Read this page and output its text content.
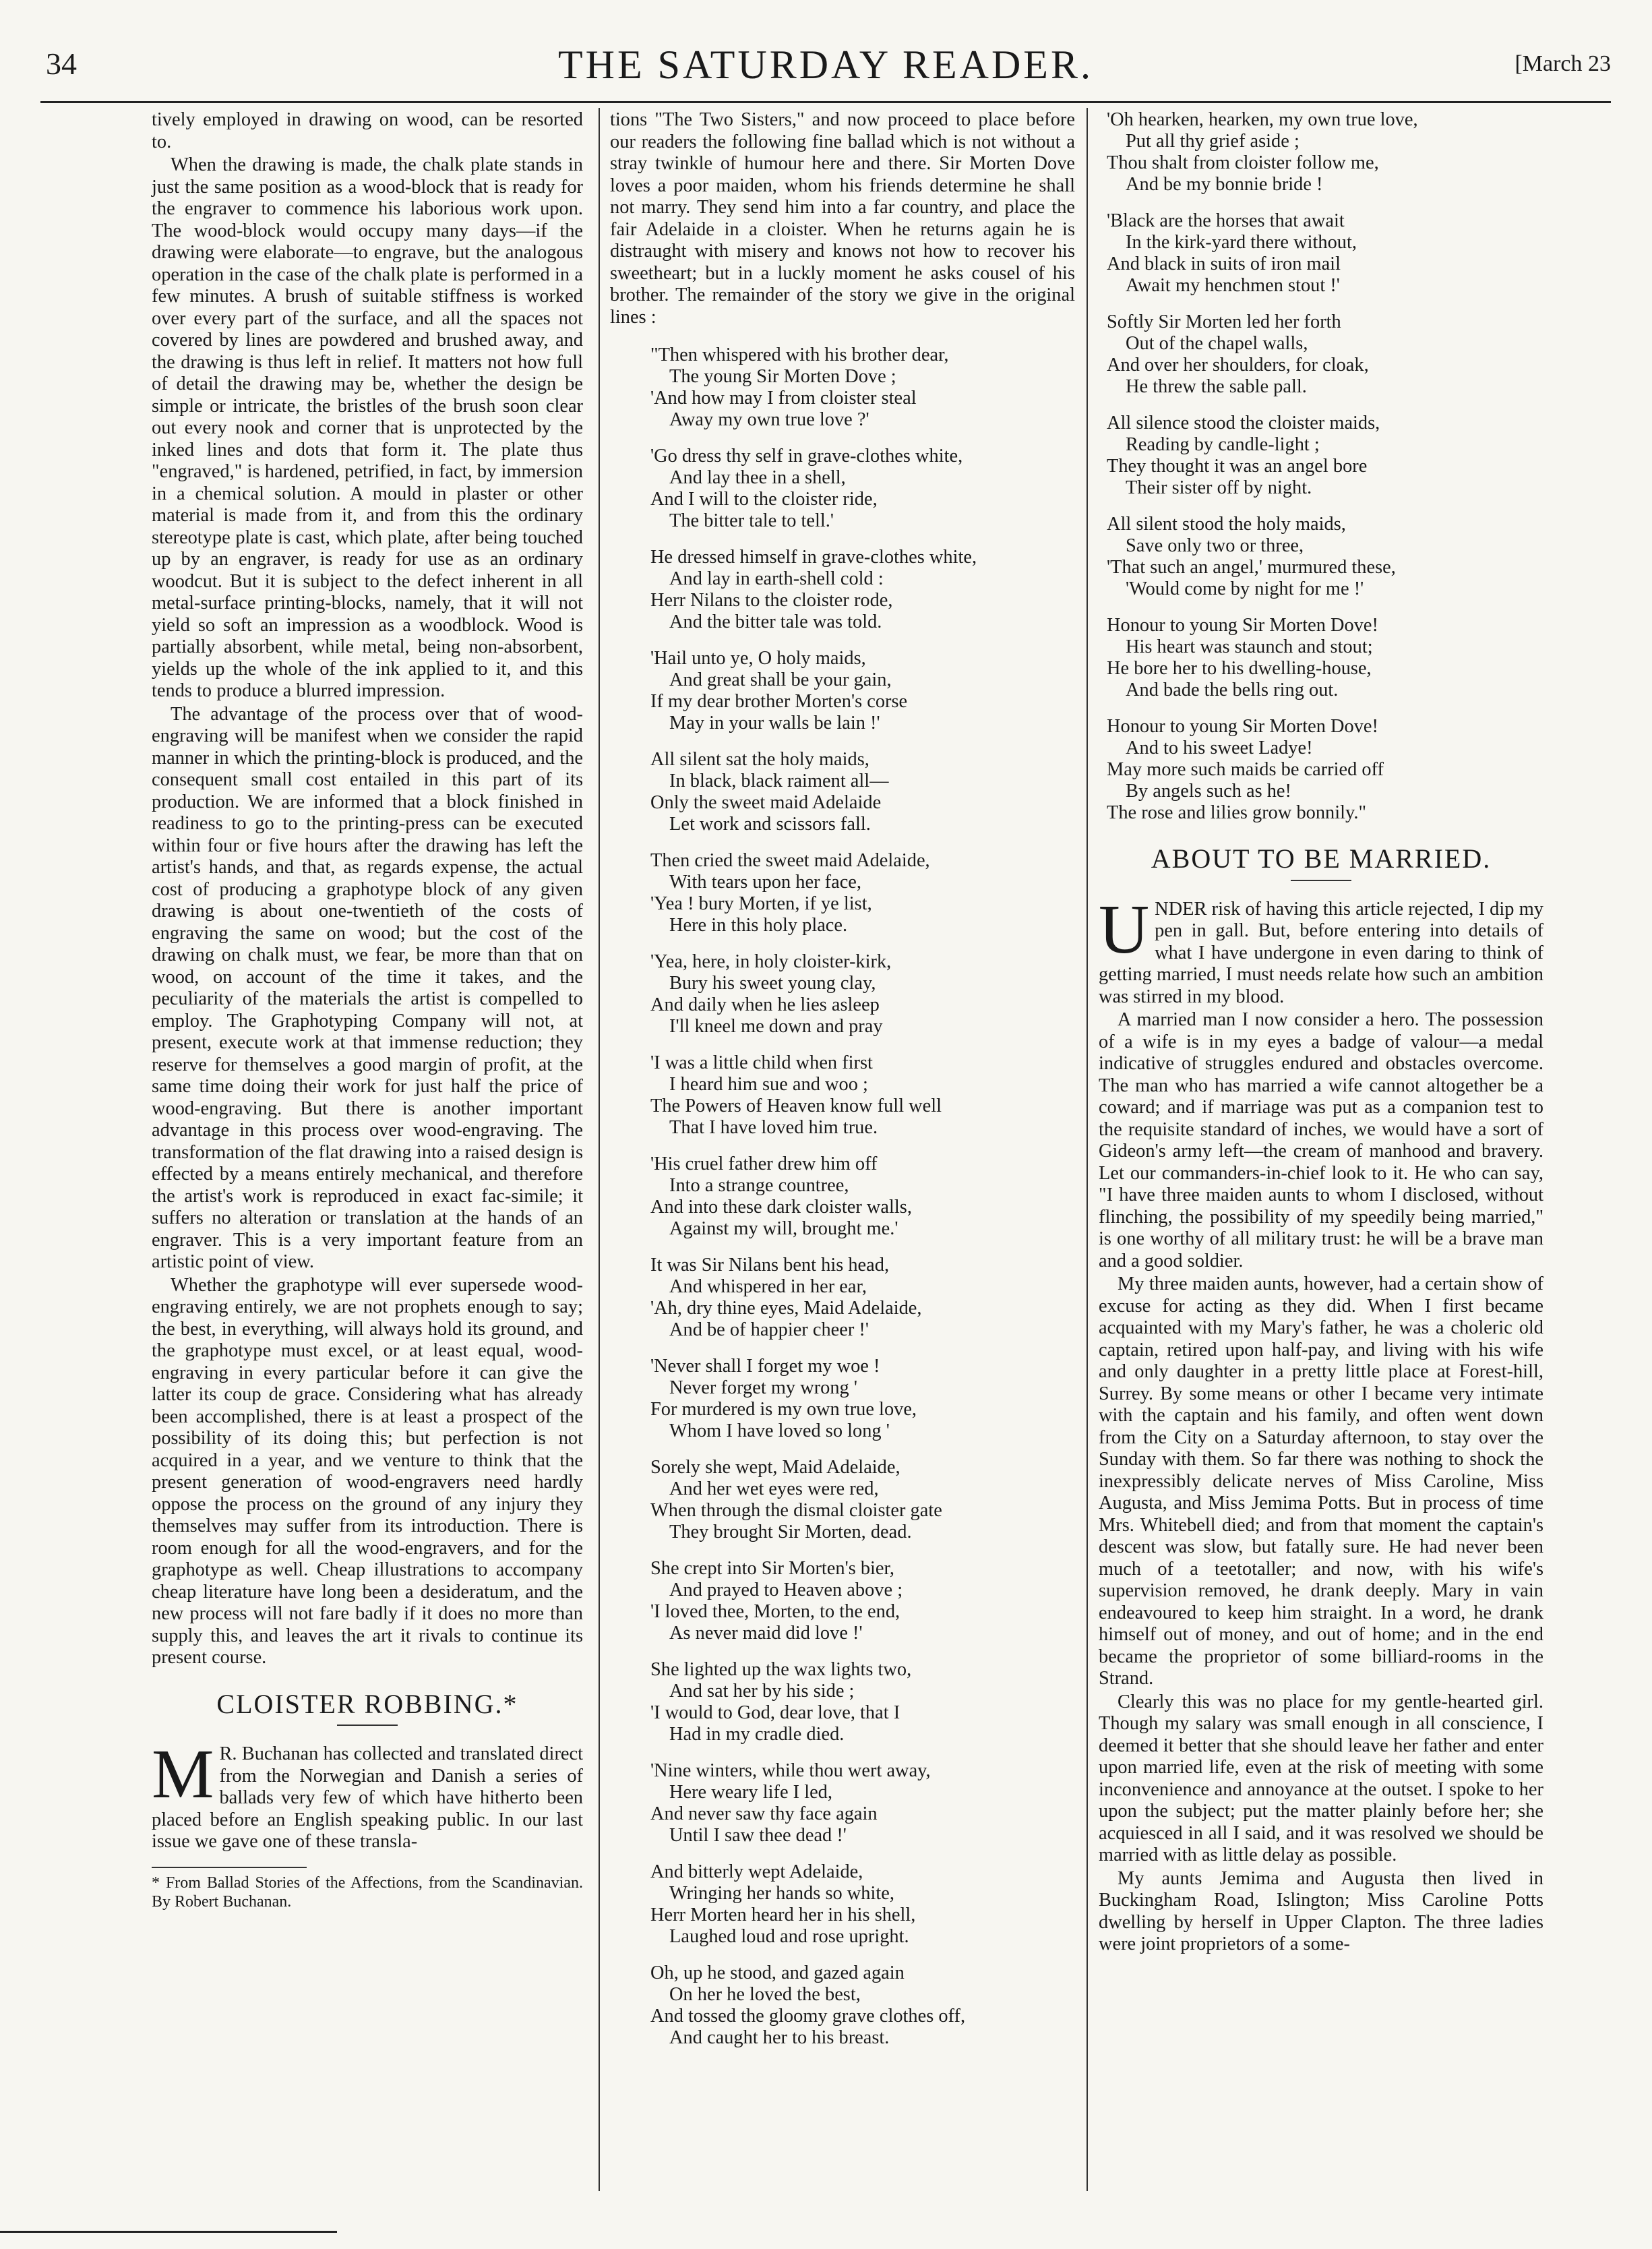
34	THE SATURDAY READER.	[March 23

tively employed in drawing on wood, can be resorted to.

When the drawing is made, the chalk plate stands in just the same position as a wood-block that is ready for the engraver to commence his laborious work upon. The wood-block would occupy many days—if the drawing were elaborate—to engrave, but the analogous operation in the case of the chalk plate is performed in a few minutes. A brush of suitable stiffness is worked over every part of the surface, and all the spaces not covered by lines are powdered and brushed away, and the drawing is thus left in relief. It matters not how full of detail the drawing may be, whether the design be simple or intricate, the bristles of the brush soon clear out every nook and corner that is unprotected by the inked lines and dots that form it. The plate thus "engraved," is hardened, petrified, in fact, by immersion in a chemical solution. A mould in plaster or other material is made from it, and from this the ordinary stereotype plate is cast, which plate, after being touched up by an engraver, is ready for use as an ordinary woodcut. But it is subject to the defect inherent in all metal-surface printing-blocks, namely, that it will not yield so soft an impression as a woodblock. Wood is partially absorbent, while metal, being non-absorbent, yields up the whole of the ink applied to it, and this tends to produce a blurred impression.

The advantage of the process over that of wood-engraving will be manifest when we consider the rapid manner in which the printing-block is produced, and the consequent small cost entailed in this part of its production. We are informed that a block finished in readiness to go to the printing-press can be executed within four or five hours after the drawing has left the artist's hands, and that, as regards expense, the actual cost of producing a graphotype block of any given drawing is about one-twentieth of the costs of engraving the same on wood; but the cost of the drawing on chalk must, we fear, be more than that on wood, on account of the time it takes, and the peculiarity of the materials the artist is compelled to employ. The Graphotyping Company will not, at present, execute work at that immense reduction; they reserve for themselves a good margin of profit, at the same time doing their work for just half the price of wood-engraving. But there is another important advantage in this process over wood-engraving. The transformation of the flat drawing into a raised design is effected by a means entirely mechanical, and therefore the artist's work is reproduced in exact fac-simile; it suffers no alteration or translation at the hands of an engraver. This is a very important feature from an artistic point of view.

Whether the graphotype will ever supersede wood-engraving entirely, we are not prophets enough to say; the best, in everything, will always hold its ground, and the graphotype must excel, or at least equal, wood-engraving in every particular before it can give the latter its coup de grace. Considering what has already been accomplished, there is at least a prospect of the possibility of its doing this; but perfection is not acquired in a year, and we venture to think that the present generation of wood-engravers need hardly oppose the process on the ground of any injury they themselves may suffer from its introduction. There is room enough for all the wood-engravers, and for the graphotype as well. Cheap illustrations to accompany cheap literature have long been a desideratum, and the new process will not fare badly if it does no more than supply this, and leaves the art it rivals to continue its present course.

CLOISTER ROBBING.*

M R. Buchanan has collected and translated direct from the Norwegian and Danish a series of ballads very few of which have hitherto been placed before an English speaking public. In our last issue we gave one of these transla-

* From Ballad Stories of the Affections, from the Scandinavian. By Robert Buchanan.

tions "The Two Sisters," and now proceed to place before our readers the following fine ballad which is not without a stray twinkle of humour here and there. Sir Morten Dove loves a poor maiden, whom his friends determine he shall not marry. They send him into a far country, and place the fair Adelaide in a cloister. When he returns again he is distraught with misery and knows not how to recover his sweetheart; but in a luckly moment he asks cousel of his brother. The remainder of the story we give in the original lines :

"Then whispered with his brother dear,
The young Sir Morten Dove ;
'And how may I from cloister steal
Away my own true love ?'
'Go dress thy self in grave-clothes white,
And lay thee in a shell,
And I will to the cloister ride,
The bitter tale to tell.'
He dressed himself in grave-clothes white,
And lay in earth-shell cold :
Herr Nilans to the cloister rode,
And the bitter tale was told.
'Hail unto ye, O holy maids,
And great shall be your gain,
If my dear brother Morten's corse
May in your walls be lain !'
All silent sat the holy maids,
In black, black raiment all—
Only the sweet maid Adelaide
Let work and scissors fall.
Then cried the sweet maid Adelaide,
With tears upon her face,
'Yea ! bury Morten, if ye list,
Here in this holy place.
'Yea, here, in holy cloister-kirk,
Bury his sweet young clay,
And daily when he lies asleep
I'll kneel me down and pray
'I was a little child when first
I heard him sue and woo ;
The Powers of Heaven know full well
That I have loved him true.
'His cruel father drew him off
Into a strange countree,
And into these dark cloister walls,
Against my will, brought me.'
It was Sir Nilans bent his head,
And whispered in her ear,
'Ah, dry thine eyes, Maid Adelaide,
And be of happier cheer !'
'Never shall I forget my woe !
Never forget my wrong '
For murdered is my own true love,
Whom I have loved so long '
Sorely she wept, Maid Adelaide,
And her wet eyes were red,
When through the dismal cloister gate
They brought Sir Morten, dead.
She crept into Sir Morten's bier,
And prayed to Heaven above ;
'I loved thee, Morten, to the end,
As never maid did love !'
She lighted up the wax lights two,
And sat her by his side ;
'I would to God, dear love, that I
Had in my cradle died.
'Nine winters, while thou wert away,
Here weary life I led,
And never saw thy face again
Until I saw thee dead !'
And bitterly wept Adelaide,
Wringing her hands so white,
Herr Morten heard her in his shell,
Laughed loud and rose upright.
Oh, up he stood, and gazed again
On her he loved the best,
And tossed the gloomy grave clothes off,
And caught her to his breast.
'Oh hearken, hearken, my own true love,
Put all thy grief aside ;
Thou shalt from cloister follow me,
And be my bonnie bride !
'Black are the horses that await
In the kirk-yard there without,
And black in suits of iron mail
Await my henchmen stout !'
Softly Sir Morten led her forth
Out of the chapel walls,
And over her shoulders, for cloak,
He threw the sable pall.
All silence stood the cloister maids,
Reading by candle-light ;
They thought it was an angel bore
Their sister off by night.
All silent stood the holy maids,
Save only two or three,
'That such an angel,' murmured these,
'Would come by night for me !'
Honour to young Sir Morten Dove!
His heart was staunch and stout;
He bore her to his dwelling-house,
And bade the bells ring out.
Honour to young Sir Morten Dove!
And to his sweet Ladye!
May more such maids be carried off
By angels such as he!
The rose and lilies grow bonnily."
ABOUT TO BE MARRIED.

UNDER risk of having this article rejected, I dip my pen in gall. But, before entering into details of what I have undergone in even daring to think of getting married, I must needs relate how such an ambition was stirred in my blood.

A married man I now consider a hero. The possession of a wife is in my eyes a badge of valour—a medal indicative of struggles endured and obstacles overcome. The man who has married a wife cannot altogether be a coward; and if marriage was put as a companion test to the requisite standard of inches, we would have a sort of Gideon's army left—the cream of manhood and bravery. Let our commanders-in-chief look to it. He who can say, "I have three maiden aunts to whom I disclosed, without flinching, the possibility of my speedily being married," is one worthy of all military trust: he will be a brave man and a good soldier.

My three maiden aunts, however, had a certain show of excuse for acting as they did. When I first became acquainted with my Mary's father, he was a choleric old captain, retired upon half-pay, and living with his wife and only daughter in a pretty little place at Forest-hill, Surrey. By some means or other I became very intimate with the captain and his family, and often went down from the City on a Saturday afternoon, to stay over the Sunday with them. So far there was nothing to shock the inexpressibly delicate nerves of Miss Caroline, Miss Augusta, and Miss Jemima Potts. But in process of time Mrs. Whitebell died; and from that moment the captain's descent was slow, but fatally sure. He had never been much of a teetotaller; and now, with his wife's supervision removed, he drank deeply. Mary in vain endeavoured to keep him straight. In a word, he drank himself out of money, and out of home; and in the end became the proprietor of some billiard-rooms in the Strand.

Clearly this was no place for my gentle-hearted girl. Though my salary was small enough in all conscience, I deemed it better that she should leave her father and enter upon married life, even at the risk of meeting with some inconvenience and annoyance at the outset. I spoke to her upon the subject; put the matter plainly before her; she acquiesced in all I said, and it was resolved we should be married with as little delay as possible.

My aunts Jemima and Augusta then lived in Buckingham Road, Islington; Miss Caroline Potts dwelling by herself in Upper Clapton. The three ladies were joint proprietors of a some-
